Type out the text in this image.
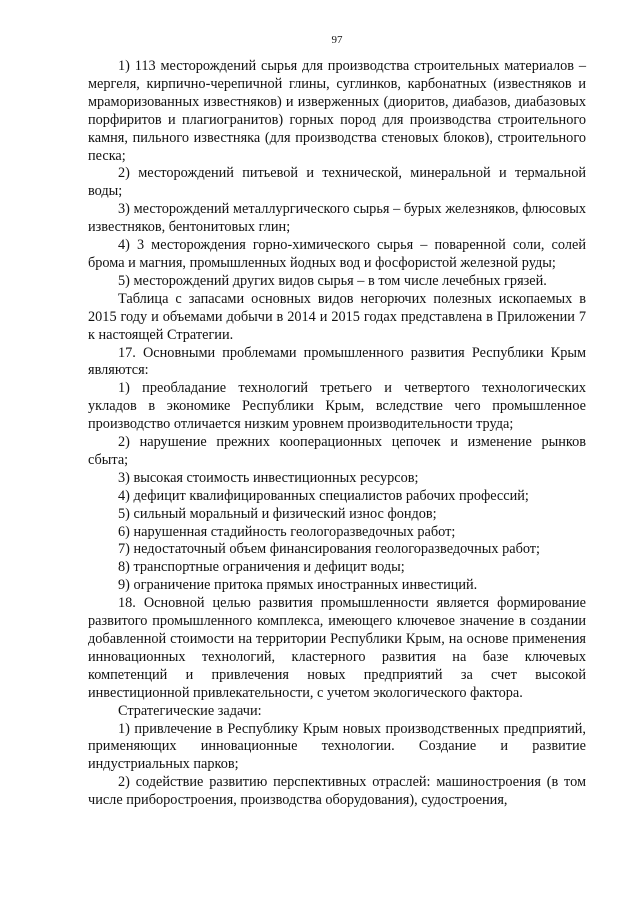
97

1) 113 месторождений сырья для производства строительных материалов – мергеля, кирпично-черепичной глины, суглинков, карбонатных (известняков и мраморизованных известняков) и изверженных (диоритов, диабазов, диабазовых порфиритов и плагиогранитов) горных пород для производства строительного камня, пильного известняка (для производства стеновых блоков), строительного песка;

2) месторождений питьевой и технической, минеральной и термальной воды;

3) месторождений металлургического сырья – бурых железняков, флюсовых известняков, бентонитовых глин;

4) 3 месторождения горно-химического сырья – поваренной соли, солей брома и магния, промышленных йодных вод и фосфористой железной руды;

5) месторождений других видов сырья – в том числе лечебных грязей.

Таблица с запасами основных видов негорючих полезных ископаемых в 2015 году и объемами добычи в 2014 и 2015 годах представлена в Приложении 7 к настоящей Стратегии.

17. Основными проблемами промышленного развития Республики Крым являются:

1) преобладание технологий третьего и четвертого технологических укладов в экономике Республики Крым, вследствие чего промышленное производство отличается низким уровнем производительности труда;

2) нарушение прежних кооперационных цепочек и изменение рынков сбыта;

3) высокая стоимость инвестиционных ресурсов;

4) дефицит квалифицированных специалистов рабочих профессий;

5) сильный моральный и физический износ фондов;

6) нарушенная стадийность геологоразведочных работ;

7) недостаточный объем финансирования геологоразведочных работ;

8) транспортные ограничения и дефицит воды;

9) ограничение притока прямых иностранных инвестиций.

18. Основной целью развития промышленности является формирование развитого промышленного комплекса, имеющего ключевое значение в создании добавленной стоимости на территории Республики Крым, на основе применения инновационных технологий, кластерного развития на базе ключевых компетенций и привлечения новых предприятий за счет высокой инвестиционной привлекательности, с учетом экологического фактора.

Стратегические задачи:

1) привлечение в Республику Крым новых производственных предприятий, применяющих инновационные технологии. Создание и развитие индустриальных парков;

2) содействие развитию перспективных отраслей: машиностроения (в том числе приборостроения, производства оборудования), судостроения,
